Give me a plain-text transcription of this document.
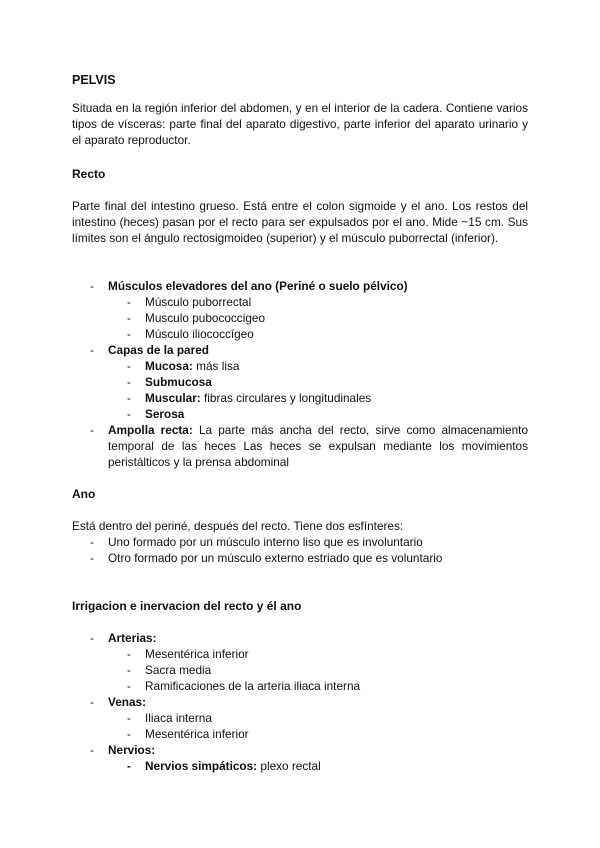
PELVIS
Situada en la región inferior del abdomen, y en el interior de la cadera. Contiene varios tipos de vísceras: parte final del aparato digestivo, parte inferior del aparato urinario y el aparato reproductor.
Recto
Parte final del intestino grueso. Está entre el colon sigmoide y el ano. Los restos del intestino (heces) pasan por el recto para ser expulsados por el ano. Mide ~15 cm. Sus límites son el ángulo rectosigmoideo (superior) y el músculo puborrectal (inferior).
-	Músculos elevadores del ano (Periné o suelo pélvico)
-	Músculo puborrectal
-	Musculo pubococcigeo
-	Músculo iliococcígeo
-	Capas de la pared
-	Mucosa: más lisa
-	Submucosa
-	Muscular: fibras circulares y longitudinales
-	Serosa
-	Ampolla recta: La parte más ancha del recto, sirve como almacenamiento temporal de las heces Las heces se expulsan mediante los movimientos peristálticos y la prensa abdominal
Ano
Está dentro del periné, después del recto. Tiene dos esfínteres:
-	Uno formado por un músculo interno liso que es involuntario
-	Otro formado por un músculo externo estriado que es voluntario
Irrigacion e inervacion del recto y él ano
-	Arterias:
-	Mesentérica inferior
-	Sacra media
-	Ramificaciones de la arteria iliaca interna
-	Venas:
-	Iliaca interna
-	Mesentérica inferior
-	Nervios:
-	Nervios simpáticos: plexo rectal
